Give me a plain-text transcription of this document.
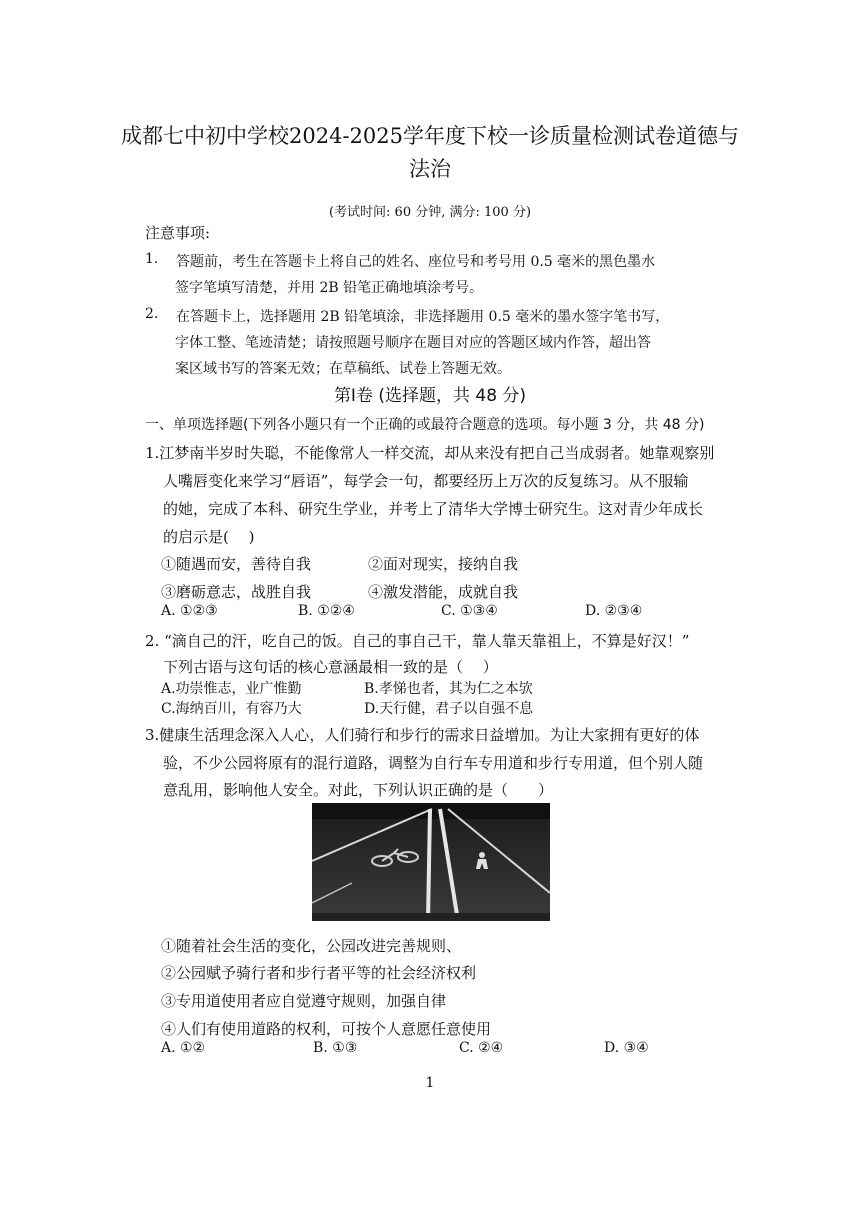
成都七中初中学校2024-2025学年度下校一诊质量检测试卷道德与
法治
(考试时间: 60 分钟, 满分: 100 分)
注意事项:
1. 答题前，考生在答题卡上将自己的姓名、座位号和考号用 0.5 毫米的黑色墨水
签字笔填写清楚，并用 2B 铅笔正确地填涂考号。
2. 在答题卡上，选择题用 2B 铅笔填涂，非选择题用 0.5 毫米的墨水签字笔书写，
字体工整、笔迹清楚；请按照题号顺序在题目对应的答题区域内作答，超出答
案区域书写的答案无效；在草稿纸、试卷上答题无效。
第Ⅰ卷 (选择题，共 48 分)
一、单项选择题(下列各小题只有一个正确的或最符合题意的选项。每小题 3 分，共 48 分)
1.江梦南半岁时失聪，不能像常人一样交流，却从来没有把自己当成弱者。她靠观察别
人嘴唇变化来学习“唇语”，每学会一句，都要经历上万次的反复练习。从不服输
的她，完成了本科、研究生学业，并考上了清华大学博士研究生。这对青少年成长
的启示是(　 )
①随遇而安，善待自我	②面对现实，接纳自我
③磨砺意志，战胜自我	④激发潜能，成就自我
A. ①②③	B. ①②④	C. ①③④	D. ②③④
2. “滴自己的汗，吃自己的饭。自己的事自己干，靠人靠天靠祖上，不算是好汉！”
下列古语与这句话的核心意涵最相一致的是（　 ）
A.功崇惟志，业广惟勤	B.孝悌也者，其为仁之本欤
C.海纳百川，有容乃大	D.天行健，君子以自强不息
3.健康生活理念深入人心，人们骑行和步行的需求日益增加。为让大家拥有更好的体
验，不少公园将原有的混行道路，调整为自行车专用道和步行专用道，但个别人随
意乱用，影响他人安全。对此，下列认识正确的是（　　）
①随着社会生活的变化，公园改进完善规则、
②公园赋予骑行者和步行者平等的社会经济权利
③专用道使用者应自觉遵守规则，加强自律
④人们有使用道路的权利，可按个人意愿任意使用
A. ①②	B. ①③	C. ②④	D. ③④
1
